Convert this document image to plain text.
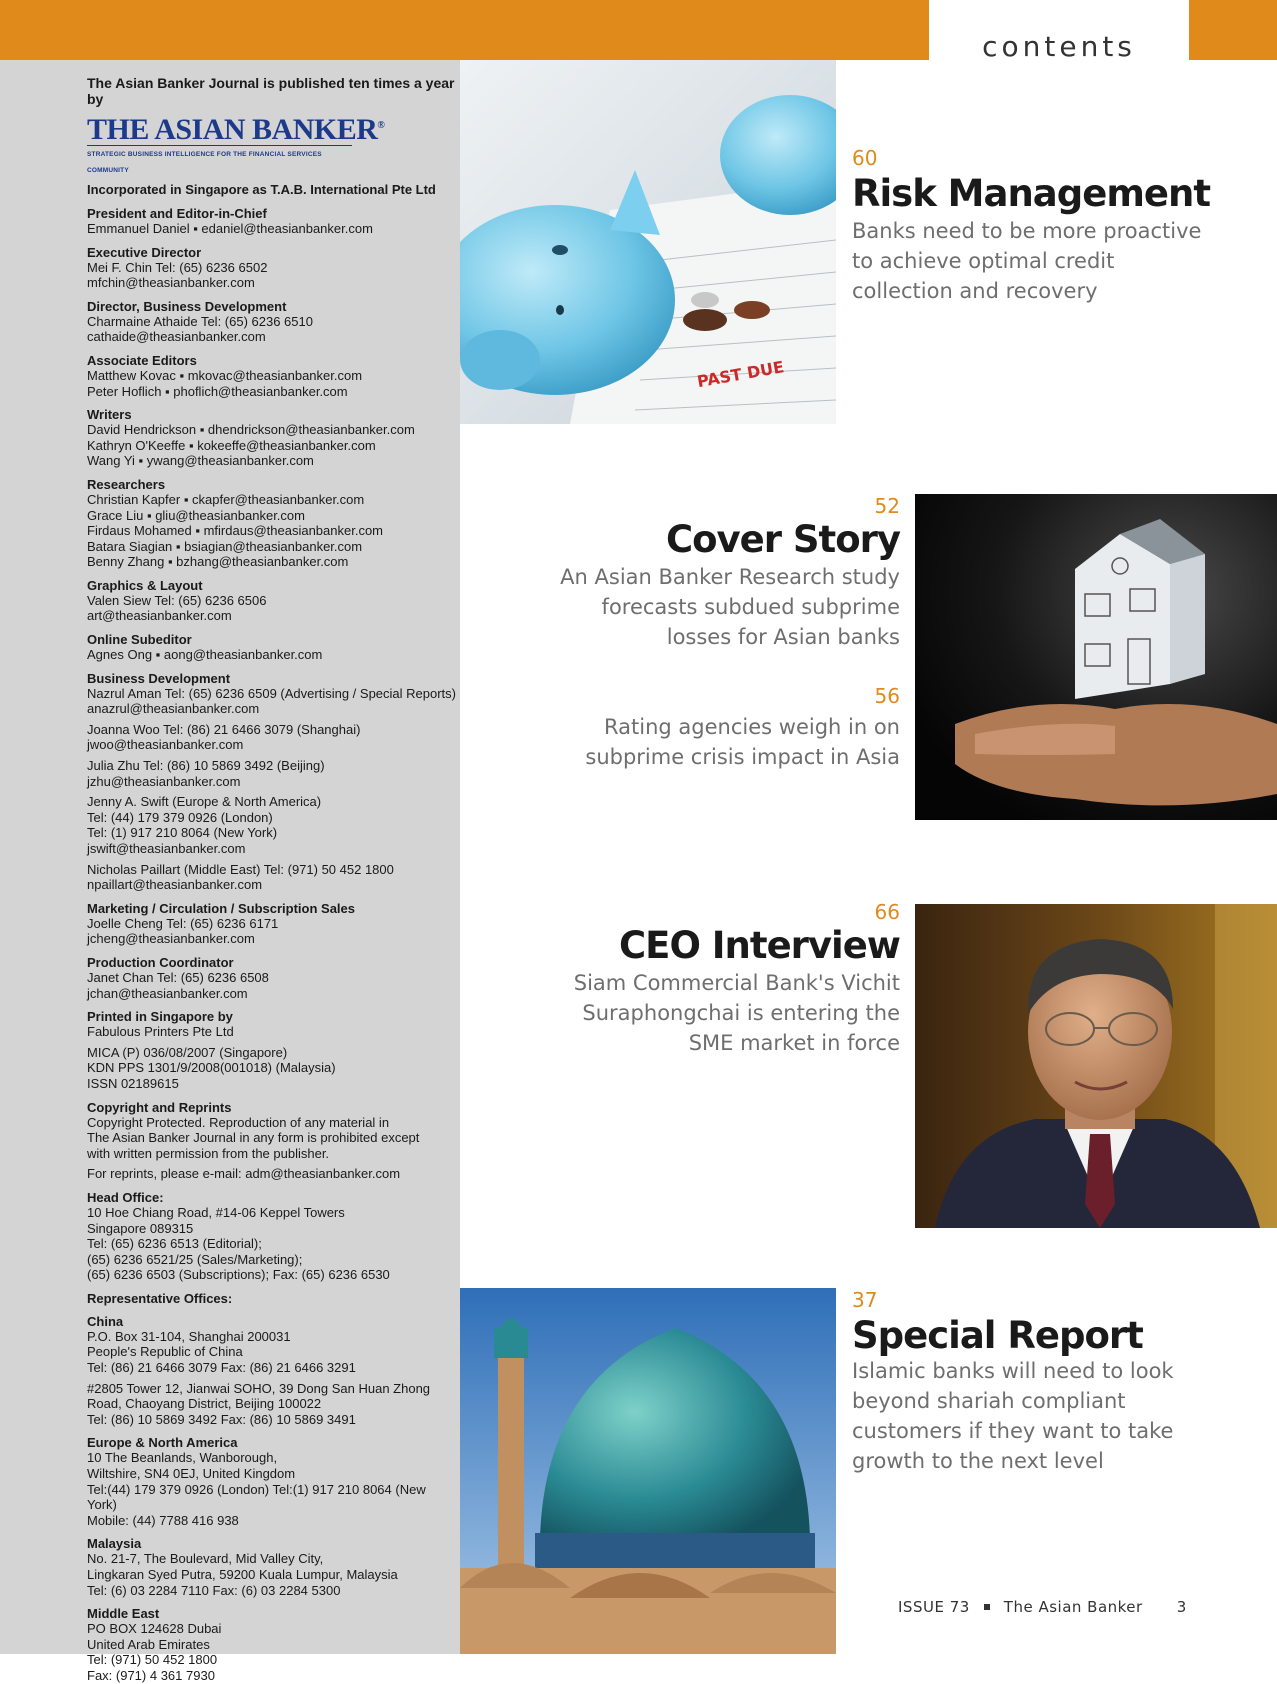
contents
The Asian Banker Journal is published ten times a year by
THE ASIAN BANKER®
STRATEGIC BUSINESS INTELLIGENCE FOR THE FINANCIAL SERVICES COMMUNITY
Incorporated in Singapore as T.A.B. International Pte Ltd
President and Editor-in-Chief

Emmanuel Daniel ▪ edaniel@theasianbanker.com

Executive Director

Mei F. Chin Tel: (65) 6236 6502

mfchin@theasianbanker.com

Director, Business Development

Charmaine Athaide Tel: (65) 6236 6510

cathaide@theasianbanker.com

Associate Editors

Matthew Kovac ▪ mkovac@theasianbanker.com

Peter Hoflich ▪ phoflich@theasianbanker.com

Writers

David Hendrickson ▪ dhendrickson@theasianbanker.com

Kathryn O'Keeffe ▪ kokeeffe@theasianbanker.com

Wang Yi ▪ ywang@theasianbanker.com

Researchers

Christian Kapfer ▪ ckapfer@theasianbanker.com

Grace Liu ▪ gliu@theasianbanker.com

Firdaus Mohamed ▪ mfirdaus@theasianbanker.com

Batara Siagian ▪ bsiagian@theasianbanker.com

Benny Zhang ▪ bzhang@theasianbanker.com

Graphics & Layout

Valen Siew Tel: (65) 6236 6506

art@theasianbanker.com

Online Subeditor

Agnes Ong ▪ aong@theasianbanker.com

Business Development

Nazrul Aman Tel: (65) 6236 6509 (Advertising / Special Reports)

anazrul@theasianbanker.com

Joanna Woo Tel: (86) 21 6466 3079 (Shanghai)

jwoo@theasianbanker.com

Julia Zhu Tel: (86) 10 5869 3492 (Beijing)

jzhu@theasianbanker.com

Jenny A. Swift (Europe & North America)

Tel: (44) 179 379 0926 (London)

Tel: (1) 917 210 8064 (New York)

jswift@theasianbanker.com

Nicholas Paillart (Middle East) Tel: (971) 50 452 1800

npaillart@theasianbanker.com

Marketing / Circulation / Subscription Sales

Joelle Cheng Tel: (65) 6236 6171

jcheng@theasianbanker.com

Production Coordinator

Janet Chan Tel: (65) 6236 6508

jchan@theasianbanker.com

Printed in Singapore by

Fabulous Printers Pte Ltd

MICA (P) 036/08/2007 (Singapore)

KDN PPS 1301/9/2008(001018) (Malaysia)

ISSN 02189615

Copyright and Reprints

Copyright Protected. Reproduction of any material in

The Asian Banker Journal in any form is prohibited except

with written permission from the publisher.

For reprints, please e-mail: adm@theasianbanker.com

Head Office:

10 Hoe Chiang Road, #14-06 Keppel Towers

Singapore 089315

Tel: (65) 6236 6513 (Editorial);

(65) 6236 6521/25 (Sales/Marketing);

(65) 6236 6503 (Subscriptions); Fax: (65) 6236 6530

Representative Offices:
China

P.O. Box 31-104, Shanghai 200031

People's Republic of China

Tel: (86) 21 6466 3079 Fax: (86) 21 6466 3291

#2805 Tower 12, Jianwai SOHO, 39 Dong San Huan Zhong

Road, Chaoyang District, Beijing 100022

Tel: (86) 10 5869 3492 Fax: (86) 10 5869 3491

Europe & North America

10 The Beanlands, Wanborough,

Wiltshire, SN4 0EJ, United Kingdom

Tel:(44) 179 379 0926 (London) Tel:(1) 917 210 8064 (New York)

Mobile: (44) 7788 416 938

Malaysia

No. 21-7, The Boulevard, Mid Valley City,

Lingkaran Syed Putra, 59200 Kuala Lumpur, Malaysia

Tel: (6) 03 2284 7110 Fax: (6) 03 2284 5300

Middle East

PO BOX 124628 Dubai

United Arab Emirates

Tel: (971) 50 452 1800

Fax: (971) 4 361 7930

PAST DUE
60
Risk Management
Banks need to be more proactive
to achieve optimal credit
collection and recovery
52
Cover Story
An Asian Banker Research study
forecasts subdued subprime
losses for Asian banks
56
Rating agencies weigh in on
subprime crisis impact in Asia
66
CEO Interview
Siam Commercial Bank's Vichit
Suraphongchai is entering the
SME market in force
37
Special Report
Islamic banks will need to look
beyond shariah compliant
customers if they want to take
growth to the next level
ISSUE 73 The Asian Banker 3
